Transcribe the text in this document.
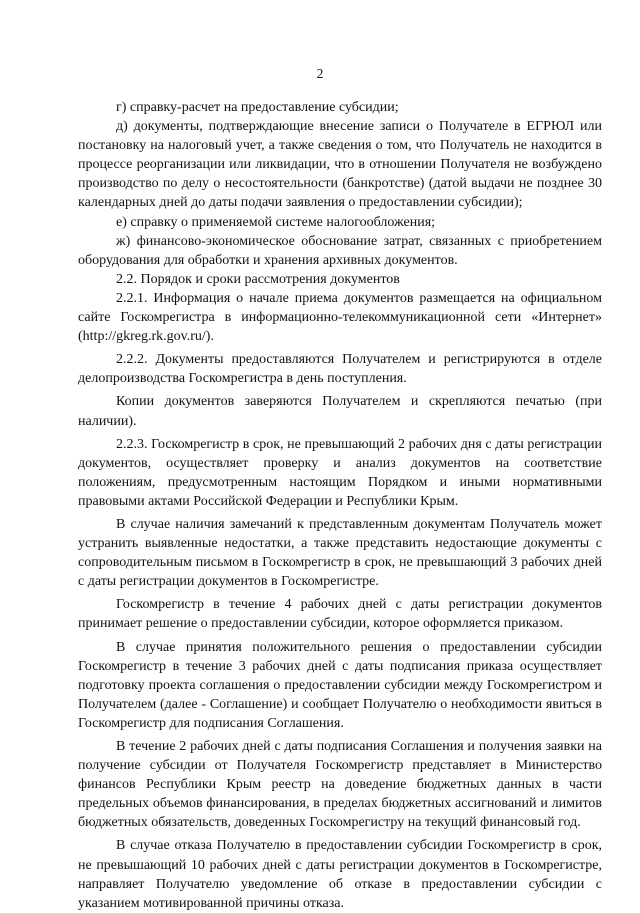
2

г) справку-расчет на предоставление субсидии;

д) документы, подтверждающие внесение записи о Получателе в ЕГРЮЛ или постановку на налоговый учет, а также сведения о том, что Получатель не находится в процессе реорганизации или ликвидации, что в отношении Получателя не возбуждено производство по делу о несостоятельности (банкротстве) (датой выдачи не позднее 30 календарных дней до даты подачи заявления о предоставлении субсидии);

е) справку о применяемой системе налогообложения;

ж) финансово-экономическое обоснование затрат, связанных с приобретением оборудования для обработки и хранения архивных документов.

2.2. Порядок и сроки рассмотрения документов

2.2.1. Информация о начале приема документов размещается на официальном сайте Госкомрегистра в информационно-телекоммуникационной сети «Интернет» (http://gkreg.rk.gov.ru/).

2.2.2. Документы предоставляются Получателем и регистрируются в отделе делопроизводства Госкомрегистра в день поступления.

Копии документов заверяются Получателем и скрепляются печатью (при наличии).

2.2.3. Госкомрегистр в срок, не превышающий 2 рабочих дня с даты регистрации документов, осуществляет проверку и анализ документов на соответствие положениям, предусмотренным настоящим Порядком и иными нормативными правовыми актами Российской Федерации и Республики Крым.

В случае наличия замечаний к представленным документам Получатель может устранить выявленные недостатки, а также представить недостающие документы с сопроводительным письмом в Госкомрегистр в срок, не превышающий 3 рабочих дней с даты регистрации документов в Госкомрегистре.

Госкомрегистр в течение 4 рабочих дней с даты регистрации документов принимает решение о предоставлении субсидии, которое оформляется приказом.

В случае принятия положительного решения о предоставлении субсидии Госкомрегистр в течение 3 рабочих дней с даты подписания приказа осуществляет подготовку проекта соглашения о предоставлении субсидии между Госкомрегистром и Получателем (далее - Соглашение) и сообщает Получателю о необходимости явиться в Госкомрегистр для подписания Соглашения.

В течение 2 рабочих дней с даты подписания Соглашения и получения заявки на получение субсидии от Получателя Госкомрегистр представляет в Министерство финансов Республики Крым реестр на доведение бюджетных данных в части предельных объемов финансирования, в пределах бюджетных ассигнований и лимитов бюджетных обязательств, доведенных Госкомрегистру на текущий финансовый год.

В случае отказа Получателю в предоставлении субсидии Госкомрегистр в срок, не превышающий 10 рабочих дней с даты регистрации документов в Госкомрегистре, направляет Получателю уведомление об отказе в предоставлении субсидии с указанием мотивированной причины отказа.
